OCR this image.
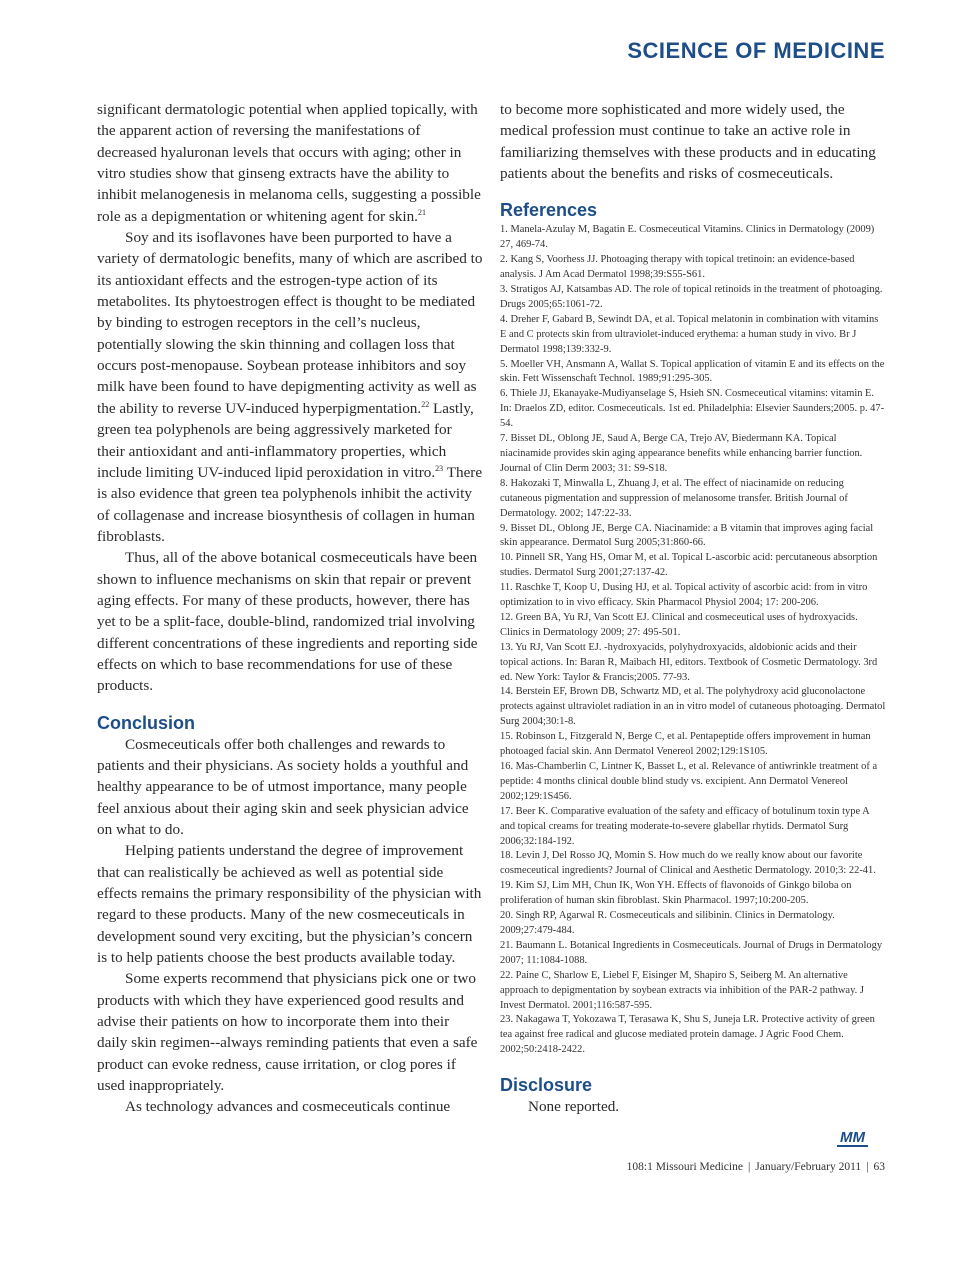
SCIENCE OF MEDICINE

significant dermatologic potential when applied topically, with the apparent action of reversing the manifestations of decreased hyaluronan levels that occurs with aging; other in vitro studies show that ginseng extracts have the ability to inhibit melanogenesis in melanoma cells, suggesting a possible role as a depigmentation or whitening agent for skin.$^{21}$

Soy and its isoflavones have been purported to have a variety of dermatologic benefits, many of which are ascribed to its antioxidant effects and the estrogen-type action of its metabolites. Its phytoestrogen effect is thought to be mediated by binding to estrogen receptors in the cell’s nucleus, potentially slowing the skin thinning and collagen loss that occurs post-menopause. Soybean protease inhibitors and soy milk have been found to have depigmenting activity as well as the ability to reverse UV-induced hyperpigmentation.$^{22}$ Lastly, green tea polyphenols are being aggressively marketed for their antioxidant and anti-inflammatory properties, which include limiting UV-induced lipid peroxidation in vitro.$^{23}$ There is also evidence that green tea polyphenols inhibit the activity of collagenase and increase biosynthesis of collagen in human fibroblasts.

Thus, all of the above botanical cosmeceuticals have been shown to influence mechanisms on skin that repair or prevent aging effects. For many of these products, however, there has yet to be a split-face, double-blind, randomized trial involving different concentrations of these ingredients and reporting side effects on which to base recommendations for use of these products.

Conclusion

Cosmeceuticals offer both challenges and rewards to patients and their physicians. As society holds a youthful and healthy appearance to be of utmost importance, many people feel anxious about their aging skin and seek physician advice on what to do.

Helping patients understand the degree of improvement that can realistically be achieved as well as potential side effects remains the primary responsibility of the physician with regard to these products. Many of the new cosmeceuticals in development sound very exciting, but the physician’s concern is to help patients choose the best products available today.

Some experts recommend that physicians pick one or two products with which they have experienced good results and advise their patients on how to incorporate them into their daily skin regimen--always reminding patients that even a safe product can evoke redness, cause irritation, or clog pores if used inappropriately.

As technology advances and cosmeceuticals continue

to become more sophisticated and more widely used, the medical profession must continue to take an active role in familiarizing themselves with these products and in educating patients about the benefits and risks of cosmeceuticals.

References
1. Manela-Azulay M, Bagatin E. Cosmeceutical Vitamins. Clinics in Dermatology (2009) 27, 469-74.
2. Kang S, Voorhess JJ. Photoaging therapy with topical tretinoin: an evidence-based analysis. J Am Acad Dermatol 1998;39:S55-S61.
3. Stratigos AJ, Katsambas AD. The role of topical retinoids in the treatment of photoaging. Drugs 2005;65:1061-72.
4. Dreher F, Gabard B, Sewindt DA, et al. Topical melatonin in combination with vitamins E and C protects skin from ultraviolet-induced erythema: a human study in vivo. Br J Dermatol 1998;139:332-9.
5. Moeller VH, Ansmann A, Wallat S. Topical application of vitamin E and its effects on the skin. Fett Wissenschaft Technol. 1989;91:295-305.
6. Thiele JJ, Ekanayake-Mudiyanselage S, Hsieh SN. Cosmeceutical vitamins: vitamin E. In: Draelos ZD, editor. Cosmeceuticals. 1st ed. Philadelphia: Elsevier Saunders;2005. p. 47-54.
7. Bisset DL, Oblong JE, Saud A, Berge CA, Trejo AV, Biedermann KA. Topical niacinamide provides skin aging appearance benefits while enhancing barrier function. Journal of Clin Derm 2003; 31: S9-S18.
8. Hakozaki T, Minwalla L, Zhuang J, et al. The effect of niacinamide on reducing cutaneous pigmentation and suppression of melanosome transfer. British Journal of Dermatology. 2002; 147:22-33.
9. Bisset DL, Oblong JE, Berge CA. Niacinamide: a B vitamin that improves aging facial skin appearance. Dermatol Surg 2005;31:860-66.
10. Pinnell SR, Yang HS, Omar M, et al. Topical L-ascorbic acid: percutaneous absorption studies. Dermatol Surg 2001;27:137-42.
11. Raschke T, Koop U, Dusing HJ, et al. Topical activity of ascorbic acid: from in vitro optimization to in vivo efficacy. Skin Pharmacol Physiol 2004; 17: 200-206.
12. Green BA, Yu RJ, Van Scott EJ. Clinical and cosmeceutical uses of hydroxyacids. Clinics in Dermatology 2009; 27: 495-501.
13. Yu RJ, Van Scott EJ. -hydroxyacids, polyhydroxyacids, aldobionic acids and their topical actions. In: Baran R, Maibach HI, editors. Textbook of Cosmetic Dermatology. 3rd ed. New York: Taylor & Francis;2005. 77-93.
14. Berstein EF, Brown DB, Schwartz MD, et al. The polyhydroxy acid gluconolactone protects against ultraviolet radiation in an in vitro model of cutaneous photoaging. Dermatol Surg 2004;30:1-8.
15. Robinson L, Fitzgerald N, Berge C, et al. Pentapeptide offers improvement in human photoaged facial skin. Ann Dermatol Venereol 2002;129:1S105.
16. Mas-Chamberlin C, Lintner K, Basset L, et al. Relevance of antiwrinkle treatment of a peptide: 4 months clinical double blind study vs. excipient. Ann Dermatol Venereol 2002;129:1S456.
17. Beer K. Comparative evaluation of the safety and efficacy of botulinum toxin type A and topical creams for treating moderate-to-severe glabellar rhytids. Dermatol Surg 2006;32:184-192.
18. Levin J, Del Rosso JQ, Momin S. How much do we really know about our favorite cosmeceutical ingredients? Journal of Clinical and Aesthetic Dermatology. 2010;3: 22-41.
19. Kim SJ, Lim MH, Chun IK, Won YH. Effects of flavonoids of Ginkgo biloba on proliferation of human skin fibroblast. Skin Pharmacol. 1997;10:200-205.
20. Singh RP, Agarwal R. Cosmeceuticals and silibinin. Clinics in Dermatology. 2009;27:479-484.
21. Baumann L. Botanical Ingredients in Cosmeceuticals. Journal of Drugs in Dermatology 2007; 11:1084-1088.
22. Paine C, Sharlow E, Liebel F, Eisinger M, Shapiro S, Seiberg M. An alternative approach to depigmentation by soybean extracts via inhibition of the PAR-2 pathway. J Invest Dermatol. 2001;116:587-595.
23. Nakagawa T, Yokozawa T, Terasawa K, Shu S, Juneja LR. Protective activity of green tea against free radical and glucose mediated protein damage. J Agric Food Chem. 2002;50:2418-2422.
Disclosure

None reported.

MM
108:1 Missouri Medicine | January/February 2011 | 63
